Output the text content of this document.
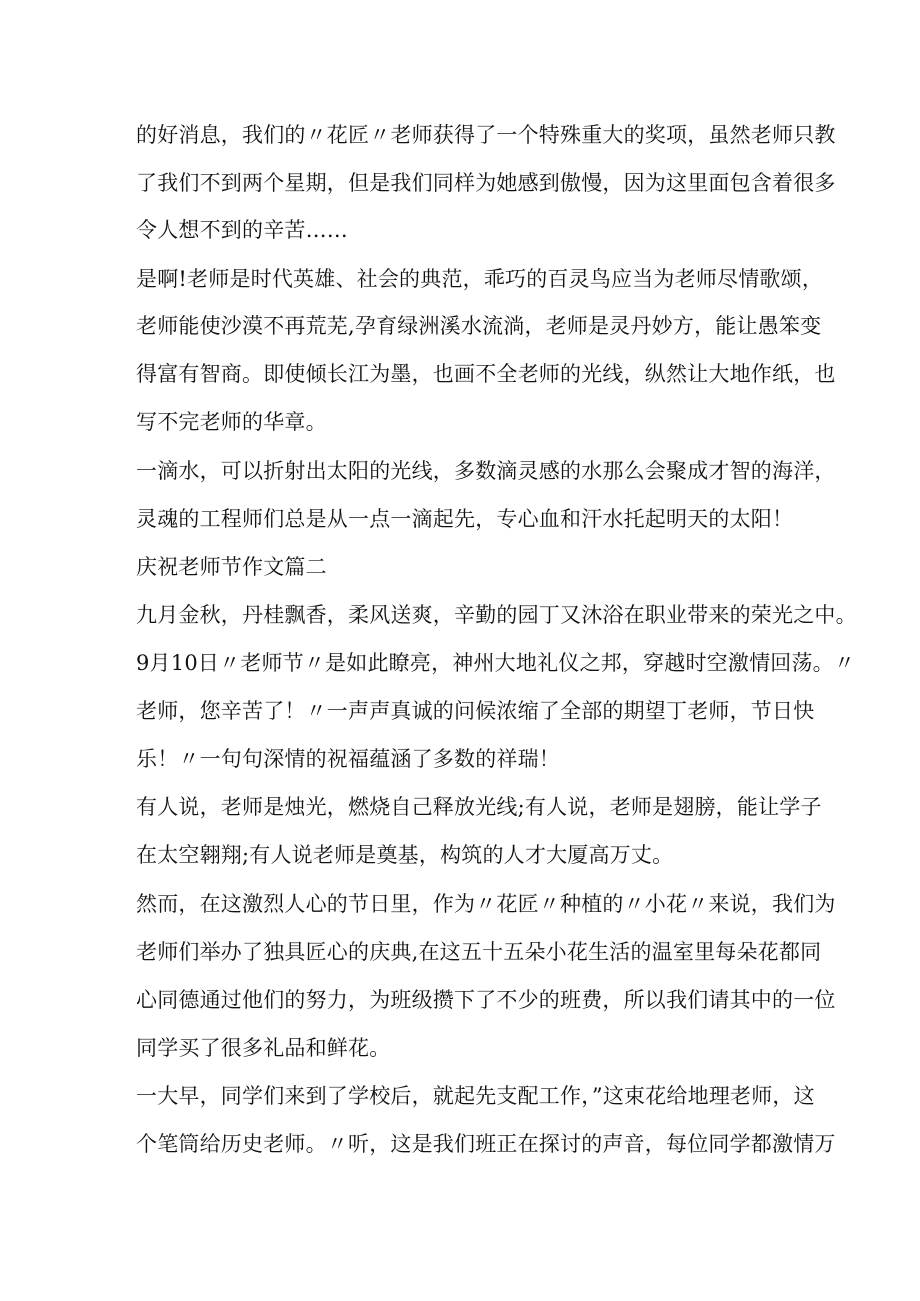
的好消息，我们的〃花匠〃老师获得了一个特殊重大的奖项，虽然老师只教
了我们不到两个星期，但是我们同样为她感到傲慢，因为这里面包含着很多
令人想不到的辛苦……
是啊!老师是时代英雄、社会的典范，乖巧的百灵鸟应当为老师尽情歌颂，
老师能使沙漠不再荒芜,孕育绿洲溪水流淌，老师是灵丹妙方，能让愚笨变
得富有智商。即使倾长江为墨，也画不全老师的光线，纵然让大地作纸，也
写不完老师的华章。
一滴水，可以折射出太阳的光线，多数滴灵感的水那么会聚成才智的海洋，
灵魂的工程师们总是从一点一滴起先，专心血和汗水托起明天的太阳！
庆祝老师节作文篇二
九月金秋，丹桂飘香，柔风送爽，辛勤的园丁又沐浴在职业带来的荣光之中。
9月10日〃老师节〃是如此瞭亮，神州大地礼仪之邦，穿越时空激情回荡。〃
老师，您辛苦了！〃一声声真诚的问候浓缩了全部的期望丁老师，节日快
乐！〃一句句深情的祝福蕴涵了多数的祥瑞！
有人说，老师是烛光，燃烧自己释放光线;有人说，老师是翅膀，能让学子
在太空翱翔;有人说老师是奠基，构筑的人才大厦高万丈。
然而，在这激烈人心的节日里，作为〃花匠〃种植的〃小花〃来说，我们为
老师们举办了独具匠心的庆典,在这五十五朵小花生活的温室里每朵花都同
心同德通过他们的努力，为班级攒下了不少的班费，所以我们请其中的一位
同学买了很多礼品和鲜花。
一大早，同学们来到了学校后，就起先支配工作，”这束花给地理老师，这
个笔筒给历史老师。〃听，这是我们班正在探讨的声音，每位同学都激情万
